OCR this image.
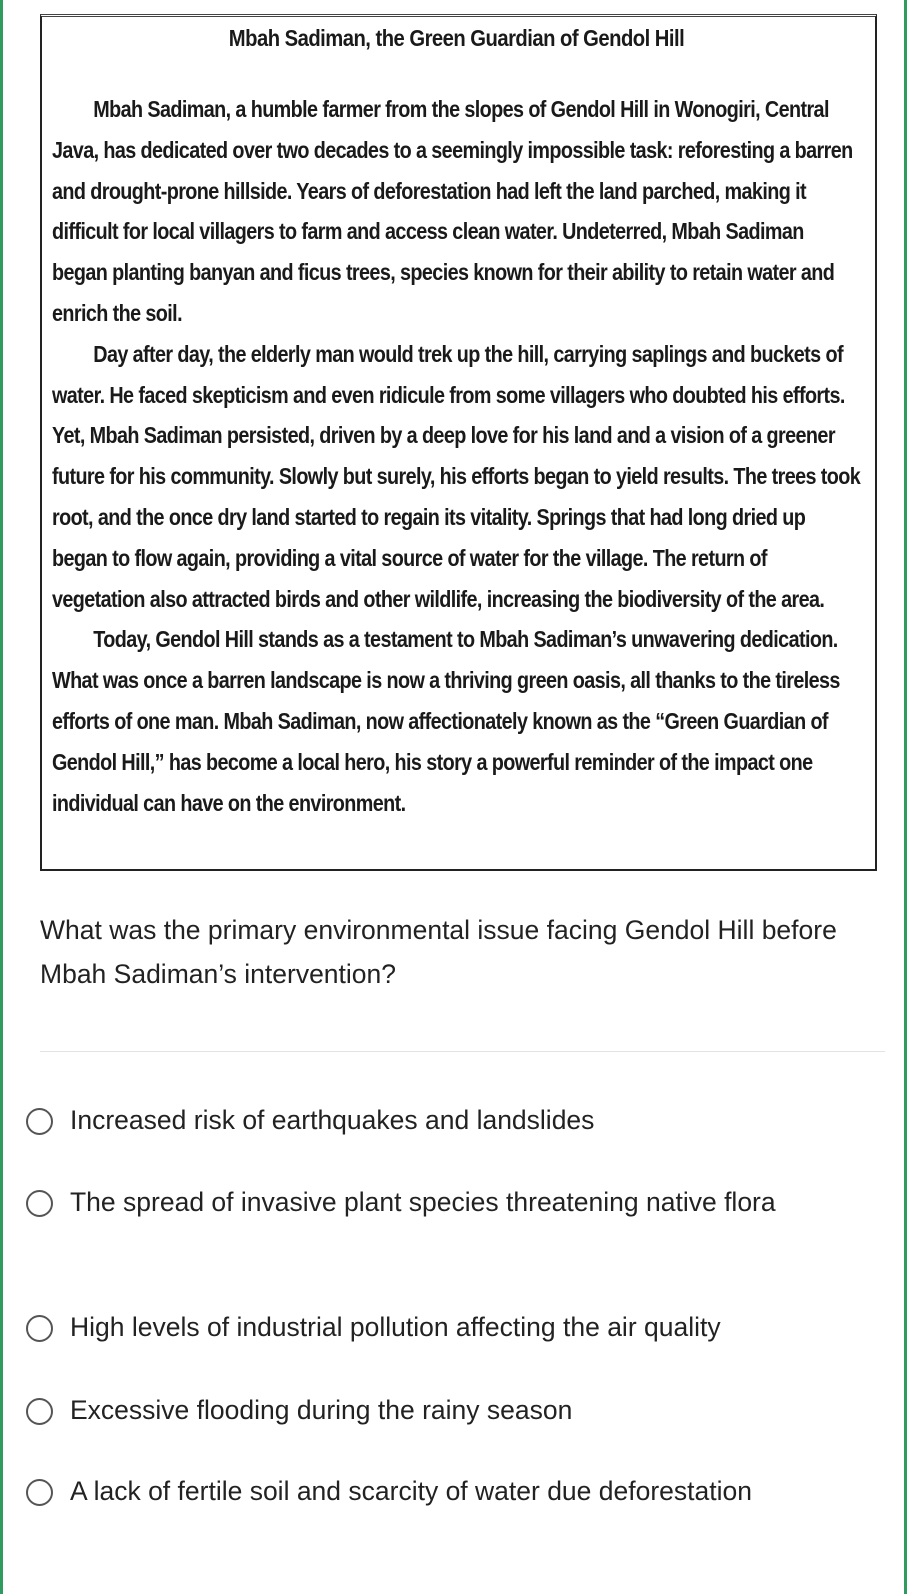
Mbah Sadiman, the Green Guardian of Gendol Hill

Mbah Sadiman, a humble farmer from the slopes of Gendol Hill in Wonogiri, Central Java, has dedicated over two decades to a seemingly impossible task: reforesting a barren and drought-prone hillside. Years of deforestation had left the land parched, making it difficult for local villagers to farm and access clean water. Undeterred, Mbah Sadiman began planting banyan and ficus trees, species known for their ability to retain water and enrich the soil.

Day after day, the elderly man would trek up the hill, carrying saplings and buckets of water. He faced skepticism and even ridicule from some villagers who doubted his efforts. Yet, Mbah Sadiman persisted, driven by a deep love for his land and a vision of a greener future for his community. Slowly but surely, his efforts began to yield results. The trees took root, and the once dry land started to regain its vitality. Springs that had long dried up began to flow again, providing a vital source of water for the village. The return of vegetation also attracted birds and other wildlife, increasing the biodiversity of the area.

Today, Gendol Hill stands as a testament to Mbah Sadiman’s unwavering dedication. What was once a barren landscape is now a thriving green oasis, all thanks to the tireless efforts of one man. Mbah Sadiman, now affectionately known as the “Green Guardian of Gendol Hill,” has become a local hero, his story a powerful reminder of the impact one individual can have on the environment.

What was the primary environmental issue facing Gendol Hill before Mbah Sadiman’s intervention?

Increased risk of earthquakes and landslides
The spread of invasive plant species threatening native flora
High levels of industrial pollution affecting the air quality
Excessive flooding during the rainy season
A lack of fertile soil and scarcity of water due deforestation
